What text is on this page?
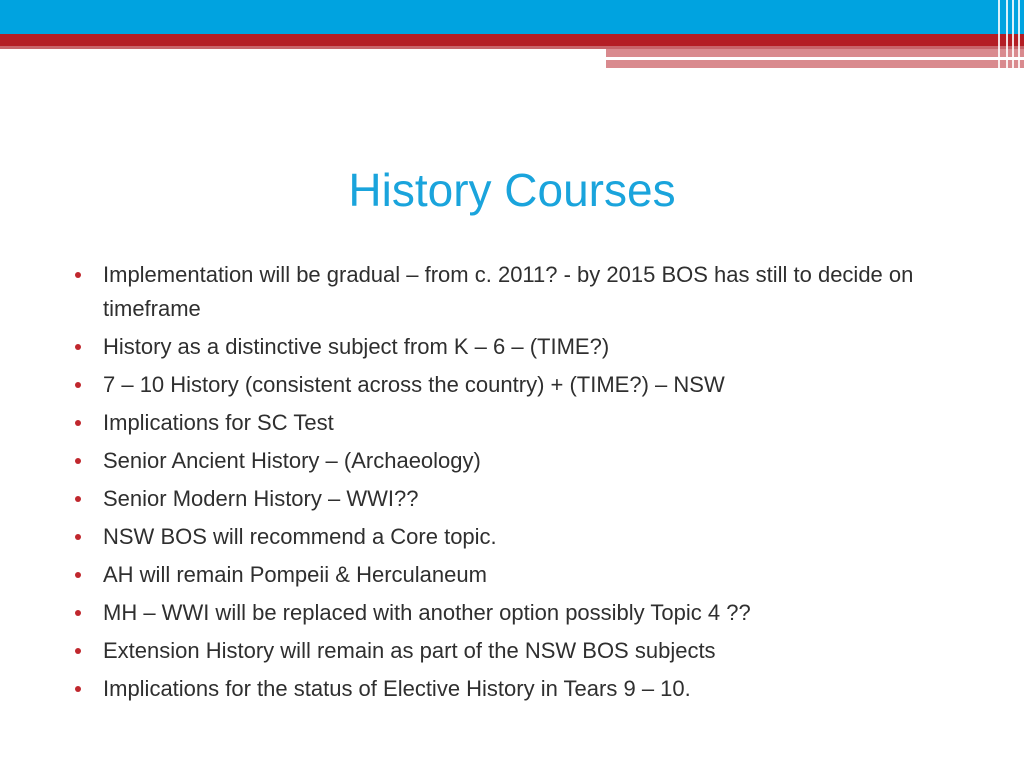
History Courses
Implementation will be gradual – from c. 2011? - by 2015 BOS has still to decide on timeframe
History as a distinctive subject from K – 6 – (TIME?)
7 – 10 History (consistent across the country) + (TIME?) – NSW
Implications for SC Test
Senior Ancient History – (Archaeology)
Senior Modern History – WWI??
NSW BOS will recommend a Core topic.
AH will remain Pompeii & Herculaneum
MH – WWI will be replaced with another option possibly Topic 4 ??
Extension History will remain as part of the NSW BOS subjects
Implications for the status of Elective History in Tears 9 – 10.
